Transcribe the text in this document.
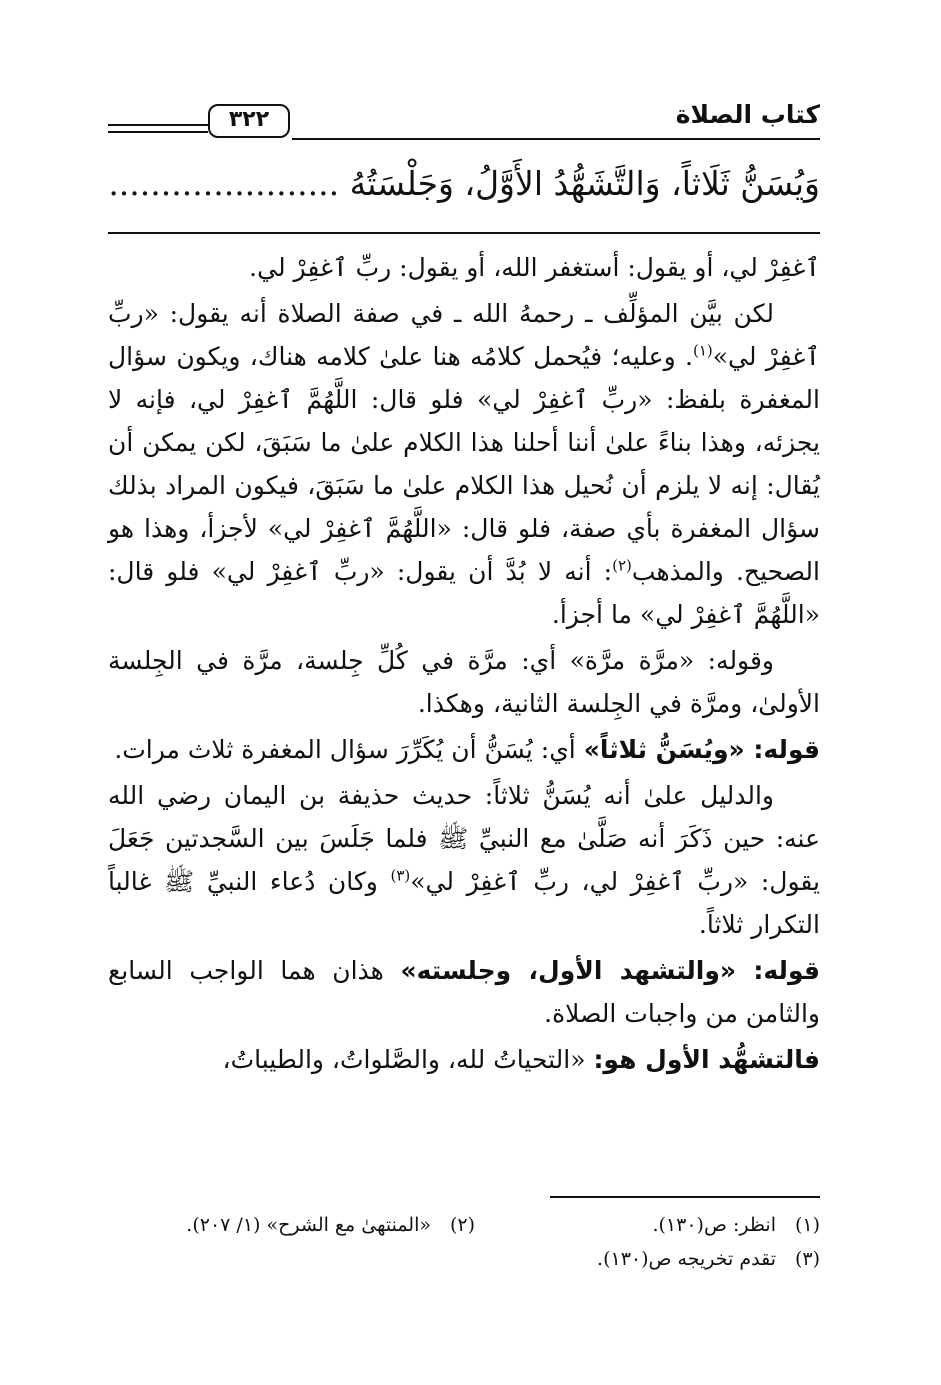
كتاب الصلاة
٣٢٢
وَيُسَنُّ ثَلَاثاً، وَالتَّشَهُّدُ الأَوَّلُ، وَجَلْسَتُهُ ......................

ٱغفِرْ لي، أو يقول: أستغفر الله، أو يقول: ربِّ ٱغفِرْ لي.

لكن بيَّن المؤلِّف ـ رحمهُ الله ـ في صفة الصلاة أنه يقول: «ربِّ ٱغفِرْ لي»$^{(١)}$. وعليه؛ فيُحمل كلامُه هنا علىٰ كلامه هناك، ويكون سؤال المغفرة بلفظ: «ربِّ ٱغفِرْ لي» فلو قال: اللَّهُمَّ ٱغفِرْ لي، فإنه لا يجزئه، وهذا بناءً علىٰ أننا أحلنا هذا الكلام علىٰ ما سَبَقَ، لكن يمكن أن يُقال: إنه لا يلزم أن نُحيل هذا الكلام علىٰ ما سَبَقَ، فيكون المراد بذلك سؤال المغفرة بأي صفة، فلو قال: «اللَّهُمَّ ٱغفِرْ لي» لأجزأ، وهذا هو الصحيح. والمذهب$^{(٢)}$: أنه لا بُدَّ أن يقول: «ربِّ ٱغفِرْ لي» فلو قال: «اللَّهُمَّ ٱغفِرْ لي» ما أجزأ.

وقوله: «مرَّة مرَّة» أي: مرَّة في كُلِّ جِلسة، مرَّة في الجِلسة الأولىٰ، ومرَّة في الجِلسة الثانية، وهكذا.

قوله: «ويُسَنُّ ثلاثاً» أي: يُسَنُّ أن يُكَرِّرَ سؤال المغفرة ثلاث مرات.

والدليل علىٰ أنه يُسَنُّ ثلاثاً: حديث حذيفة بن اليمان رضي الله عنه: حين ذَكَرَ أنه صَلَّىٰ مع النبيِّ ﷺ فلما جَلَسَ بين السَّجدتين جَعَلَ يقول: «ربِّ ٱغفِرْ لي، ربِّ ٱغفِرْ لي»$^{(٣)}$ وكان دُعاء النبيِّ ﷺ غالباً التكرار ثلاثاً.

قوله: «والتشهد الأول، وجلسته» هذان هما الواجب السابع والثامن من واجبات الصلاة.

فالتشهُّد الأول هو: «التحياتُ لله، والصَّلواتُ، والطيباتُ،

(١)
انظر: ص(١٣٠).
(٢)
«المنتهىٰ مع الشرح» (١/ ٢٠٧).
(٣)
تقدم تخريجه ص(١٣٠).
